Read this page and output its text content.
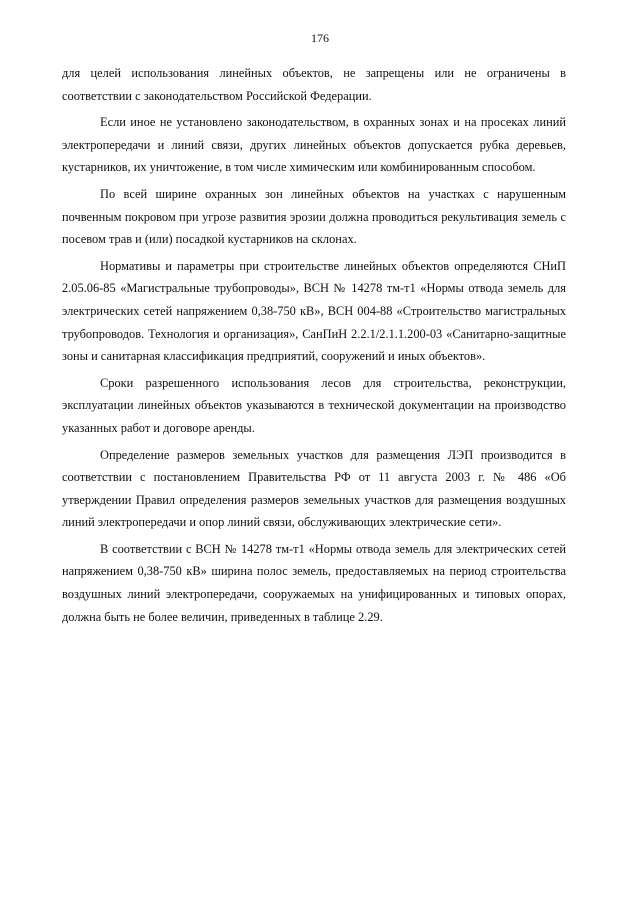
176

для целей использования линейных объектов, не запрещены или не ограничены в соответствии с законодательством Российской Федерации.

Если иное не установлено законодательством, в охранных зонах и на просеках линий электропередачи и линий связи, других линейных объектов допускается рубка деревьев, кустарников, их уничтожение, в том числе химическим или комбинированным способом.

По всей ширине охранных зон линейных объектов на участках с нарушенным почвенным покровом при угрозе развития эрозии должна проводиться рекультивация земель с посевом трав и (или) посадкой кустарников на склонах.

Нормативы и параметры при строительстве линейных объектов определяются СНиП 2.05.06-85 «Магистральные трубопроводы», ВСН № 14278 тм-т1 «Нормы отвода земель для электрических сетей напряжением 0,38-750 кВ», ВСН 004-88 «Строительство магистральных трубопроводов. Технология и организация», СанПиН 2.2.1/2.1.1.200-03 «Санитарно-защитные зоны и санитарная классификация предприятий, сооружений и иных объектов».

Сроки разрешенного использования лесов для строительства, реконструкции, эксплуатации линейных объектов указываются в технической документации на производство указанных работ и договоре аренды.

Определение размеров земельных участков для размещения ЛЭП производится в соответствии с постановлением Правительства РФ от 11 августа 2003 г. № 486 «Об утверждении Правил определения размеров земельных участков для размещения воздушных линий электропередачи и опор линий связи, обслуживающих электрические сети».

В соответствии с ВСН № 14278 тм-т1 «Нормы отвода земель для электрических сетей напряжением 0,38-750 кВ» ширина полос земель, предоставляемых на период строительства воздушных линий электропередачи, сооружаемых на унифицированных и типовых опорах, должна быть не более величин, приведенных в таблице 2.29.
